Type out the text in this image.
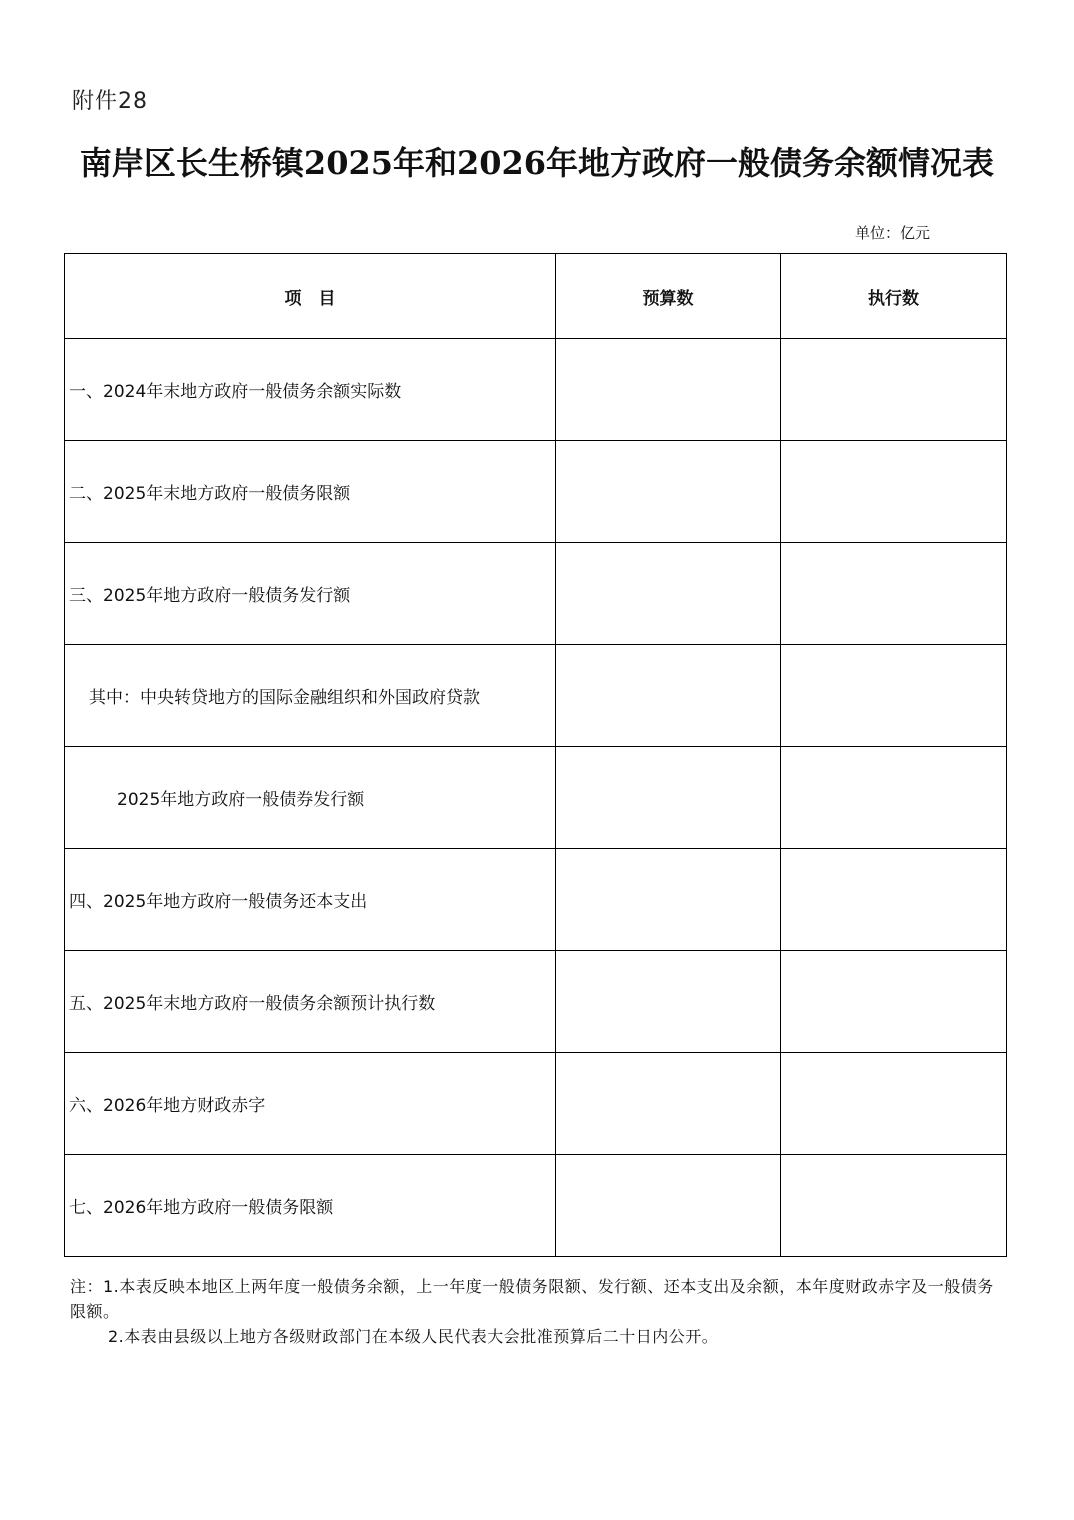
附件28
南岸区长生桥镇2025年和2026年地方政府一般债务余额情况表
单位：亿元
项　目	预算数	执行数
一、2024年末地方政府一般债务余额实际数		
二、2025年末地方政府一般债务限额		
三、2025年地方政府一般债务发行额		
其中：中央转贷地方的国际金融组织和外国政府贷款		
2025年地方政府一般债券发行额		
四、2025年地方政府一般债务还本支出		
五、2025年末地方政府一般债务余额预计执行数		
六、2026年地方财政赤字		
七、2026年地方政府一般债务限额		
注：1.本表反映本地区上两年度一般债务余额，上一年度一般债务限额、发行额、还本支出及余额，本年度财政赤字及一般债务限额。
2.本表由县级以上地方各级财政部门在本级人民代表大会批准预算后二十日内公开。
